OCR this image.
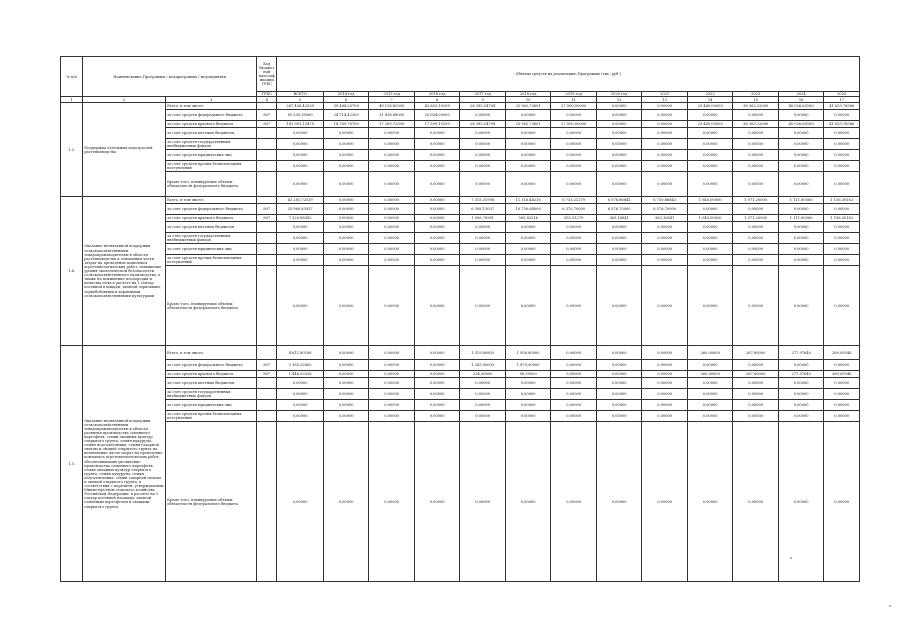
№ п/п	Наименование Программы / подпрограммы / мероприятия		Код бюджетной классификации ГРБС	Объемы средств на реализацию Программы (тыс. руб.)												
			ГРБС	ВСЕГО	2014 год	2015 год	2016 год	2017 год	2018 год	2019 год	2020 год	2021	2022	2023	2024	2025
1	2	3	4	5	6	7	8	9	10	11	12	13	14	15	16	17
1.3.	Поддержка отдельных подотраслей растениеводства	Всего, в том числе:		267 436,42539	39 484,20709	49 128,60300	42 603,10299	28 385,54794	25 962,73601	27 000,00000	0,00000	0,00000	23 460,00000	38 363,22000	40 026,60160	41 629,76566
		за счет средств федерального бюджета	807	85 535,30060	24 714,42300	31 838,88000	25 004,00000	0,00000	0,00000	0,00000	0,00000	0,00000	0,00000	0,00000	0,00000	0,00000
		за счет средств краевого бюджета	807	181 901,12479	14 769,78700	17 289,72300	17 599,10299	28 385,54794	25 962,73601	27 000,00000	0,00000	0,00000	23 460,00000	38 363,22000	40 026,60160	41 629,76566
		за счет средств местных бюджетов		0,00000	0,00000	0,00000	0,00000	0,00000	0,00000	0,00000	0,00000	0,00000	0,00000	0,00000	0,00000	0,00000
		за счет средств государственных внебюджетных фондов		0,00000	0,00000	0,00000	0,00000	0,00000	0,00000	0,00000	0,00000	0,00000	0,00000	0,00000	0,00000	0,00000
		за счет средств юридических лиц		0,00000	0,00000	0,00000	0,00000	0,00000	0,00000	0,00000	0,00000	0,00000	0,00000	0,00000	0,00000	0,00000
		за счет средств прочих безвозмездных поступлений		0,00000	0,00000	0,00000	0,00000	0,00000	0,00000	0,00000	0,00000	0,00000	0,00000	0,00000	0,00000	0,00000
		Кроме того, планируемые объемы обязательств федерального бюджета		0,00000	0,00000	0,00000	0,00000	0,00000	0,00000	0,00000	0,00000	0,00000	0,00000	0,00000	0,00000	0,00000
1.4.	Оказание несвязанной поддержки сельскохозяйственным товаропроизводителям в области растениеводства в отношении части затрат на проведение комплекса агротехнологических работ, повышение уровня экологической безопасности сельскохозяйственного производства, а также на повышение плодородия и качества почв в расчете на 1 гектар посевной площади, занятой зерновыми, зернобобовыми и кормовыми сельскохозяйственными культурами	Всего, в том числе:		43 281,72519	0,00000	0,00000	0,00000	7 315,31998	11 316,46216	6 733,21279	6 576,86841	6 730,86843	1 040,00000	1 071,20000	1 111,80560	1 156,30182
		за счет средств федерального бюджета	807	35 960,83937	0,00000	0,00000	0,00000	6 308,13037	10 750,64000	6 370,70000	6 576,70000	6 576,70000	0,00000	0,00000	0,00000	0,00000
		за счет средств краевого бюджета	807	7 320,88582	0,00000	0,00000	0,00000	1 006,78961	565,82216	355,51279	363,16841	363,16841	1 040,00000	1 071,20000	1 111,80560	1 156,30182
		за счет средств местных бюджетов		0,00000	0,00000	0,00000	0,00000	0,00000	0,00000	0,00000	0,00000	0,00000	0,00000	0,00000	0,00000	0,00000
		за счет средств государственных внебюджетных фондов		0,00000	0,00000	0,00000	0,00000	0,00000	0,00000	0,00000	0,00000	0,00000	0,00000	0,00000	0,00000	0,00000
		за счет средств юридических лиц		0,00000	0,00000	0,00000	0,00000	0,00000	0,00000	0,00000	0,00000	0,00000	0,00000	0,00000	0,00000	0,00000
		за счет средств прочих безвозмездных поступлений		0,00000	0,00000	0,00000	0,00000	0,00000	0,00000	0,00000	0,00000	0,00000	0,00000	0,00000	0,00000	0,00000
		Кроме того, планируемые объемы обязательств федерального бюджета		0,00000	0,00000	0,00000	0,00000	0,00000	0,00000	0,00000	0,00000	0,00000	0,00000	0,00000	0,00000	0,00000
1.5.	Оказание несвязанной поддержки сельскохозяйственным товаропроизводителям в области развития производства семенного картофеля, семян овощных культур открытого грунта, семян кукурузы, семян подсолнечника, семян сахарной свеклы и овощей открытого грунта на возмещение части затрат на проведение комплекса агротехнологических работ, обеспечивающих увеличение производства семенного картофеля, семян овощных культур открытого грунта, семян кукурузы, семян подсолнечника, семян сахарной свеклы и овощей открытого грунта, в соответствии с перечнем, утверждаемым Министерством сельского хозяйства Российской Федерации, в расчете на 1 гектар посевной площади, занятой семенным картофелем и овощами открытого грунта	Всего, в том числе:		4 611,80188	0,00000	0,00000	0,00000	1 519,80803	1 958,80000	0,00000	0,00000	0,00000	260,00000	267,80000	277,97640	289,09546
		за счет средств федерального бюджета	807	3 165,32862	0,00000	0,00000	0,00000	1 285,50003	1 879,90000	0,00000	0,00000	0,00000	0,00000	0,00000	0,00000	0,00000
		за счет средств краевого бюджета	807	1 446,53326	0,00000	0,00000	0,00000	234,30800	98,90000	0,00000	0,00000	0,00000	260,00000	267,80000	277,97640	289,09546
		за счет средств местных бюджетов		0,00000	0,00000	0,00000	0,00000	0,00000	0,00000	0,00000	0,00000	0,00000	0,00000	0,00000	0,00000	0,00000
		за счет средств государственных внебюджетных фондов		0,00000	0,00000	0,00000	0,00000	0,00000	0,00000	0,00000	0,00000	0,00000	0,00000	0,00000	0,00000	0,00000
		за счет средств юридических лиц		0,00000	0,00000	0,00000	0,00000	0,00000	0,00000	0,00000	0,00000	0,00000	0,00000	0,00000	0,00000	0,00000
		за счет средств прочих безвозмездных поступлений		0,00000	0,00000	0,00000	0,00000	0,00000	0,00000	0,00000	0,00000	0,00000	0,00000	0,00000	0,00000	0,00000
		Кроме того, планируемые объемы обязательств федерального бюджета		0,00000	0,00000	0,00000	0,00000	0,00000	0,00000	0,00000	0,00000	0,00000	0,00000	0,00000	0,00000	0,00000
